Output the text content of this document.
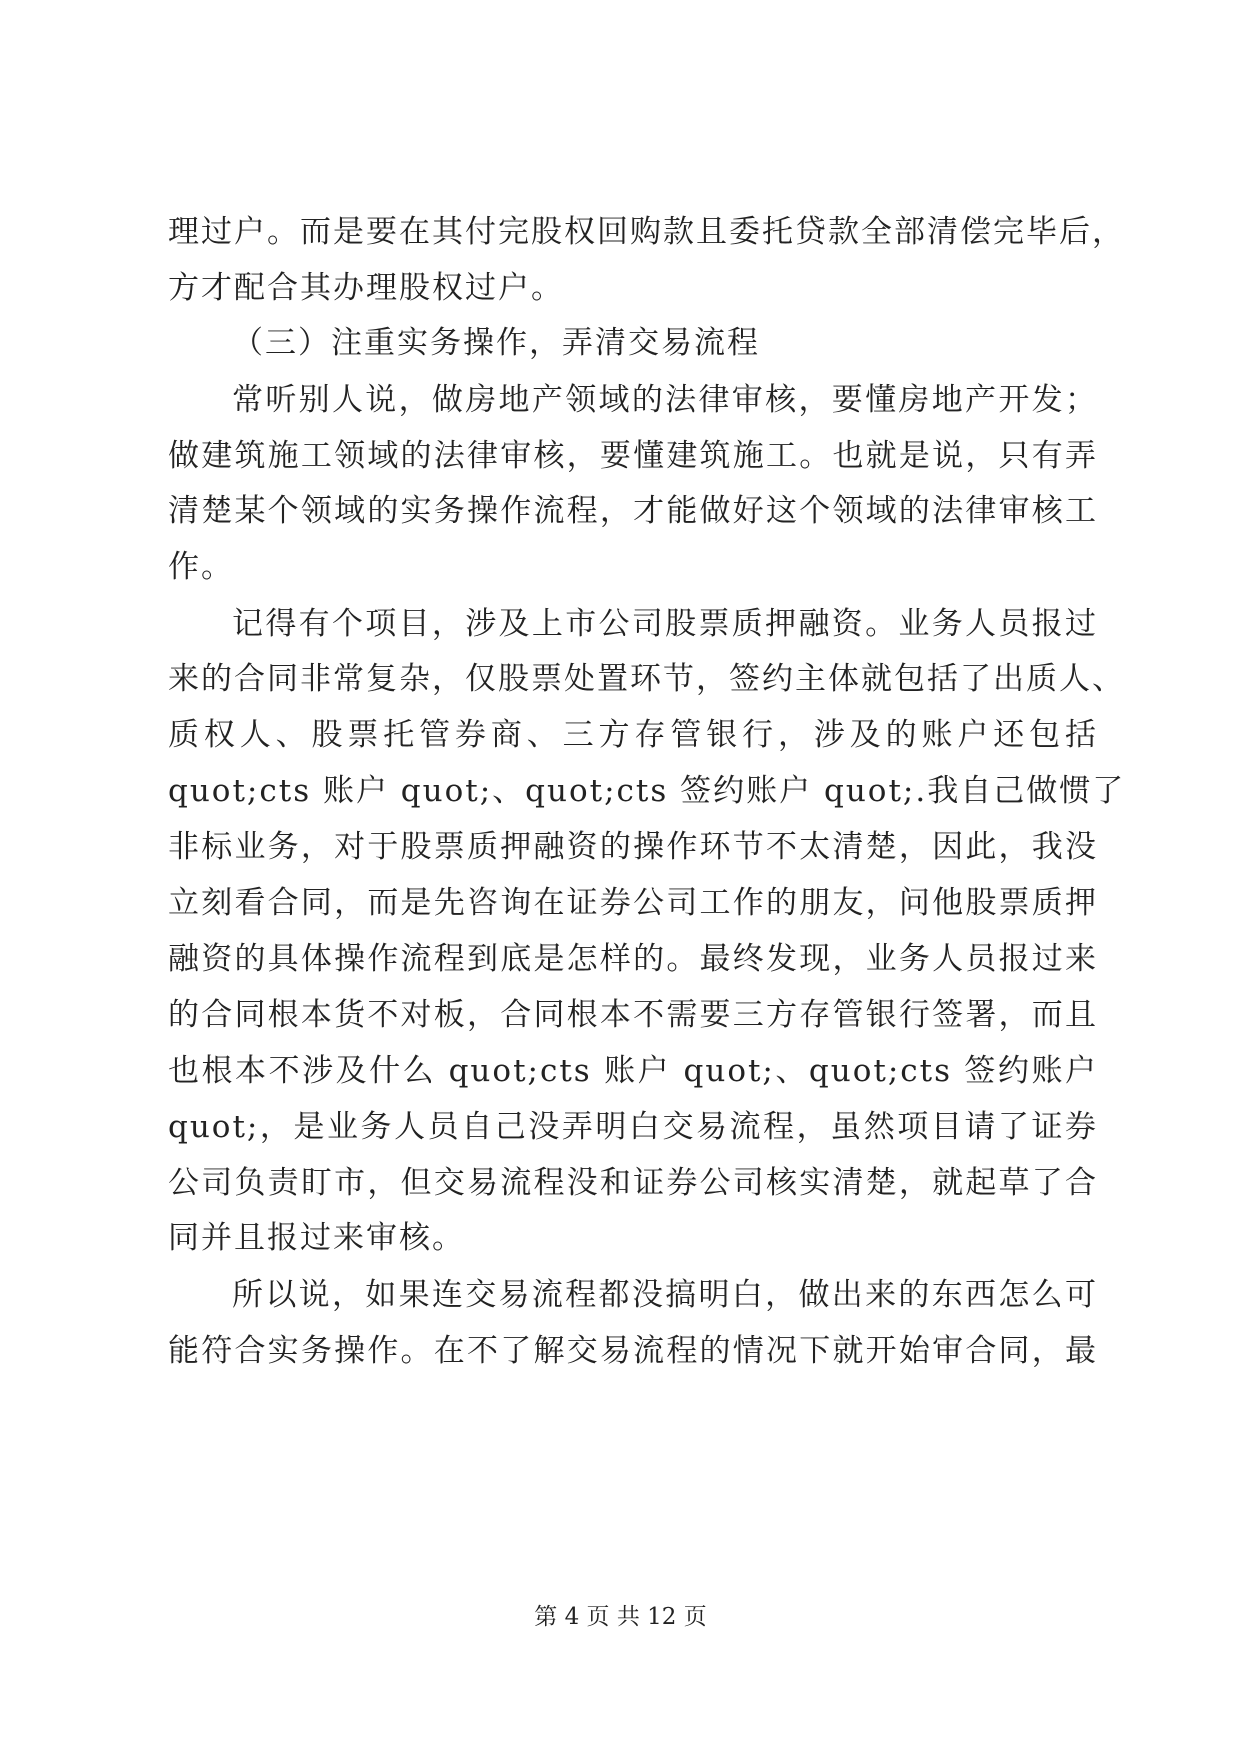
理过户。而是要在其付完股权回购款且委托贷款全部清偿完毕后，
方才配合其办理股权过户。
（三）注重实务操作，弄清交易流程
常听别人说，做房地产领域的法律审核，要懂房地产开发；
做建筑施工领域的法律审核，要懂建筑施工。也就是说，只有弄
清楚某个领域的实务操作流程，才能做好这个领域的法律审核工
作。
记得有个项目，涉及上市公司股票质押融资。业务人员报过
来的合同非常复杂，仅股票处置环节，签约主体就包括了出质人、
质权人、股票托管券商、三方存管银行，涉及的账户还包括
quot;cts 账户 quot;、quot;cts 签约账户 quot;.我自己做惯了
非标业务，对于股票质押融资的操作环节不太清楚，因此，我没
立刻看合同，而是先咨询在证券公司工作的朋友，问他股票质押
融资的具体操作流程到底是怎样的。最终发现，业务人员报过来
的合同根本货不对板，合同根本不需要三方存管银行签署，而且
也根本不涉及什么 quot;cts 账户 quot;、quot;cts 签约账户
quot;，是业务人员自己没弄明白交易流程，虽然项目请了证券
公司负责盯市，但交易流程没和证券公司核实清楚，就起草了合
同并且报过来审核。
所以说，如果连交易流程都没搞明白，做出来的东西怎么可
能符合实务操作。在不了解交易流程的情况下就开始审合同，最
第 4 页 共 12 页
